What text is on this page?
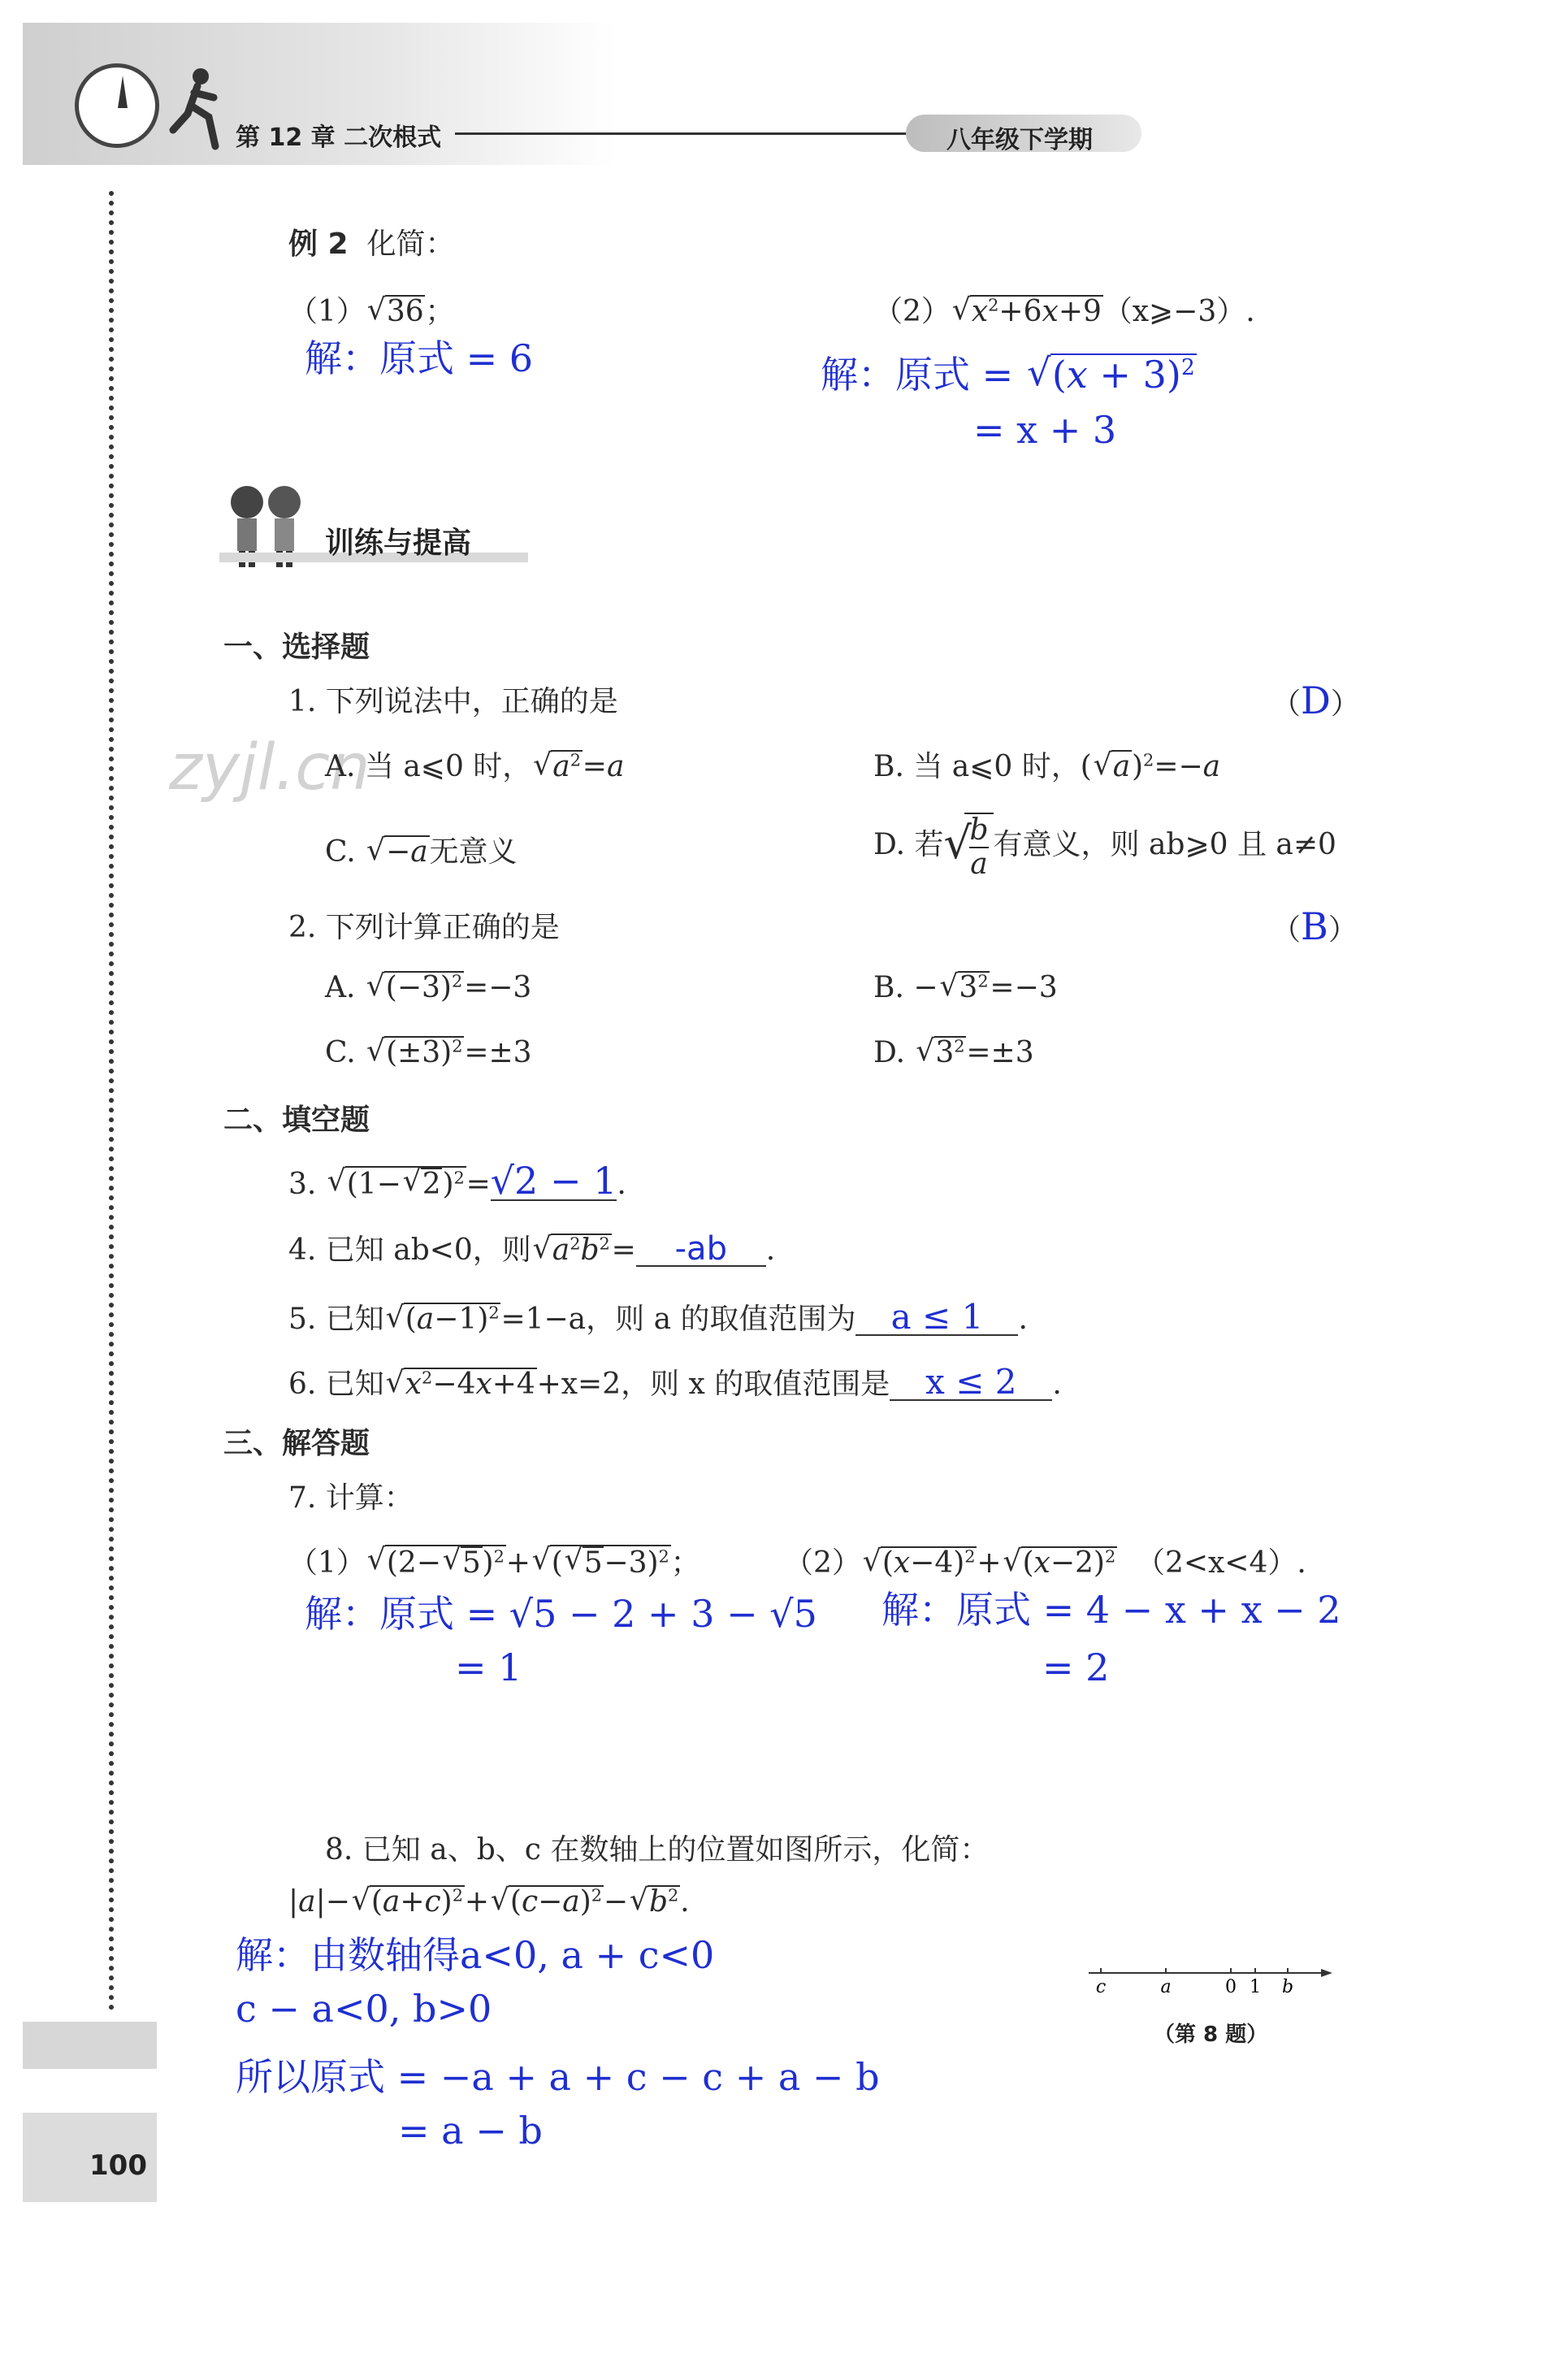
第 12 章 二次根式	八年级下学期
zyjl.cn
例 2 化简：
（1）√ 36；
解：原式 = 6
（2）√ $x^2+6x+9(x⩾-3)$.
解：原式 = √ $(x + 3)^2$
= x + 3
训练与提高
一、选择题
1. 下列说法中，正确的是	（D）
A. 当 a⩽0 时，√ $a^2=a$	B. 当 a⩽0 时，(√ a)$^2$=−a
C. √ −a无意义	D. 若 √
$\frac{b}{a}$ 有意义，则 ab⩾0 且 a≠0
2. 下列计算正确的是	（B）
A. √ $(-3)^2=-3$	B. −√ $3^2=-3$
C. √ $(\pm 3)^2=\pm 3$	D. √ $3^2=\pm 3$
二、填空题
3. √ (1−√ 2)$^2$=√2 − 1.
4. 已知 ab<0，则√ $a^2b^2= -ab$ .
5. 已知√ $(a-1)^2=1-a$，则 a 的取值范围为 a ≤ 1 .
6. 已知√ $x^2-4x+4+x=2$，则 x 的取值范围是 x ≤ 2 .
三、解答题
7. 计算：
（1）√ (2−√ 5)$^2$+√ (√ 5−3)$^2$；	（2）√ $(x-4)^2+√$ $(x-2)^2$ （2<x<4）.
解：原式 = √5 − 2 + 3 − √5
= 1
解：原式 = 4 − x + x − 2
= 2
8. 已知 a、b、c 在数轴上的位置如图所示，化简：
|a|−√ $(a+c)^2+√$ $(c-a)^2-√$ $b^2$.
解：由数轴得a<0, a + c<0
c − a<0, b>0
所以原式 = −a + a + c − c + a − b
= a − b
c	a	0 1 b
（第 8 题）
100
